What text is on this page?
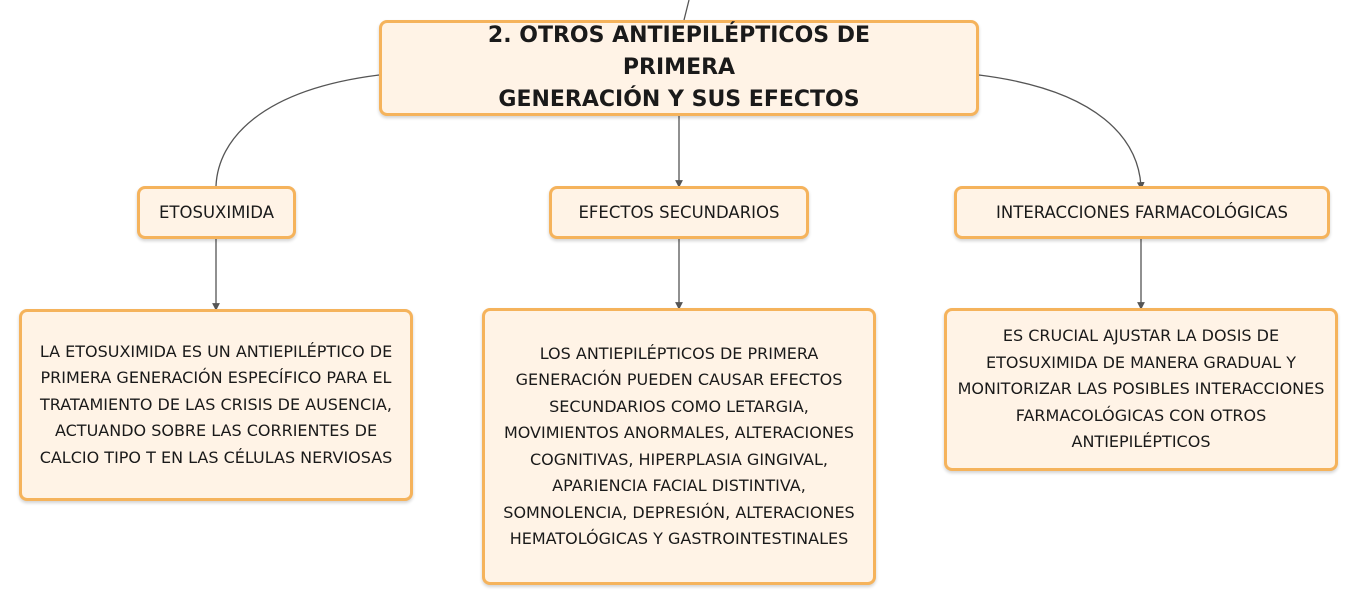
2. OTROS ANTIEPILÉPTICOS DE PRIMERA
GENERACIÓN Y SUS EFECTOS
ETOSUXIMIDA	EFECTOS SECUNDARIOS	INTERACCIONES FARMACOLÓGICAS
LA ETOSUXIMIDA ES UN ANTIEPILÉPTICO DE
PRIMERA GENERACIÓN ESPECÍFICO PARA EL
TRATAMIENTO DE LAS CRISIS DE AUSENCIA,
ACTUANDO SOBRE LAS CORRIENTES DE
CALCIO TIPO T EN LAS CÉLULAS NERVIOSAS
LOS ANTIEPILÉPTICOS DE PRIMERA
GENERACIÓN PUEDEN CAUSAR EFECTOS
SECUNDARIOS COMO LETARGIA,
MOVIMIENTOS ANORMALES, ALTERACIONES
COGNITIVAS, HIPERPLASIA GINGIVAL,
APARIENCIA FACIAL DISTINTIVA,
SOMNOLENCIA, DEPRESIÓN, ALTERACIONES
HEMATOLÓGICAS Y GASTROINTESTINALES
ES CRUCIAL AJUSTAR LA DOSIS DE
ETOSUXIMIDA DE MANERA GRADUAL Y
MONITORIZAR LAS POSIBLES INTERACCIONES
FARMACOLÓGICAS CON OTROS
ANTIEPILÉPTICOS
